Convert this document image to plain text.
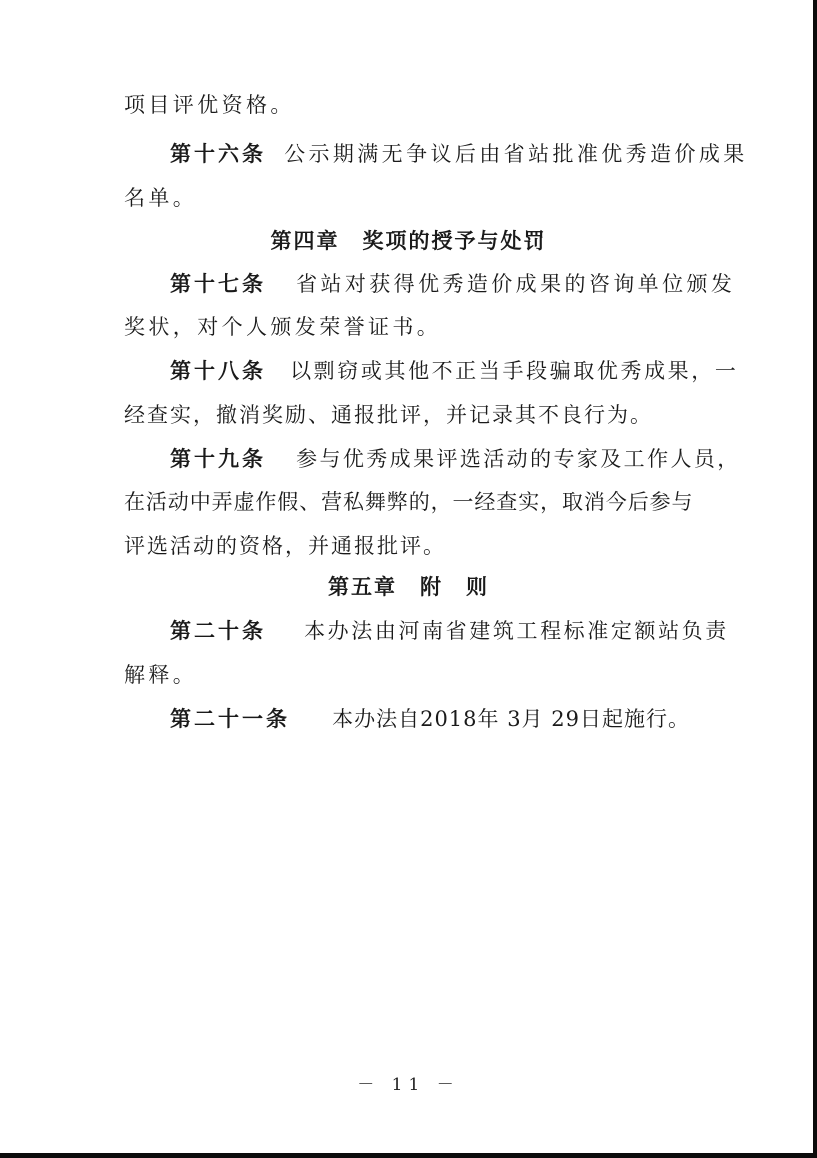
项目评优资格。
第十六条 公示期满无争议后由省站批准优秀造价成果
名单。
第四章　奖项的授予与处罚
第十七条 省站对获得优秀造价成果的咨询单位颁发
奖状，对个人颁发荣誉证书。
第十八条 以剽窃或其他不正当手段骗取优秀成果，一
经查实，撤消奖励、通报批评，并记录其不良行为。
第十九条 参与优秀成果评选活动的专家及工作人员，
在活动中弄虚作假、营私舞弊的，一经查实，取消今后参与
评选活动的资格，并通报批评。
第五章　附　则
第二十条 本办法由河南省建筑工程标准定额站负责
解释。
第二十一条 本办法自2018年 3月 29日起施行。
－ 11 －
